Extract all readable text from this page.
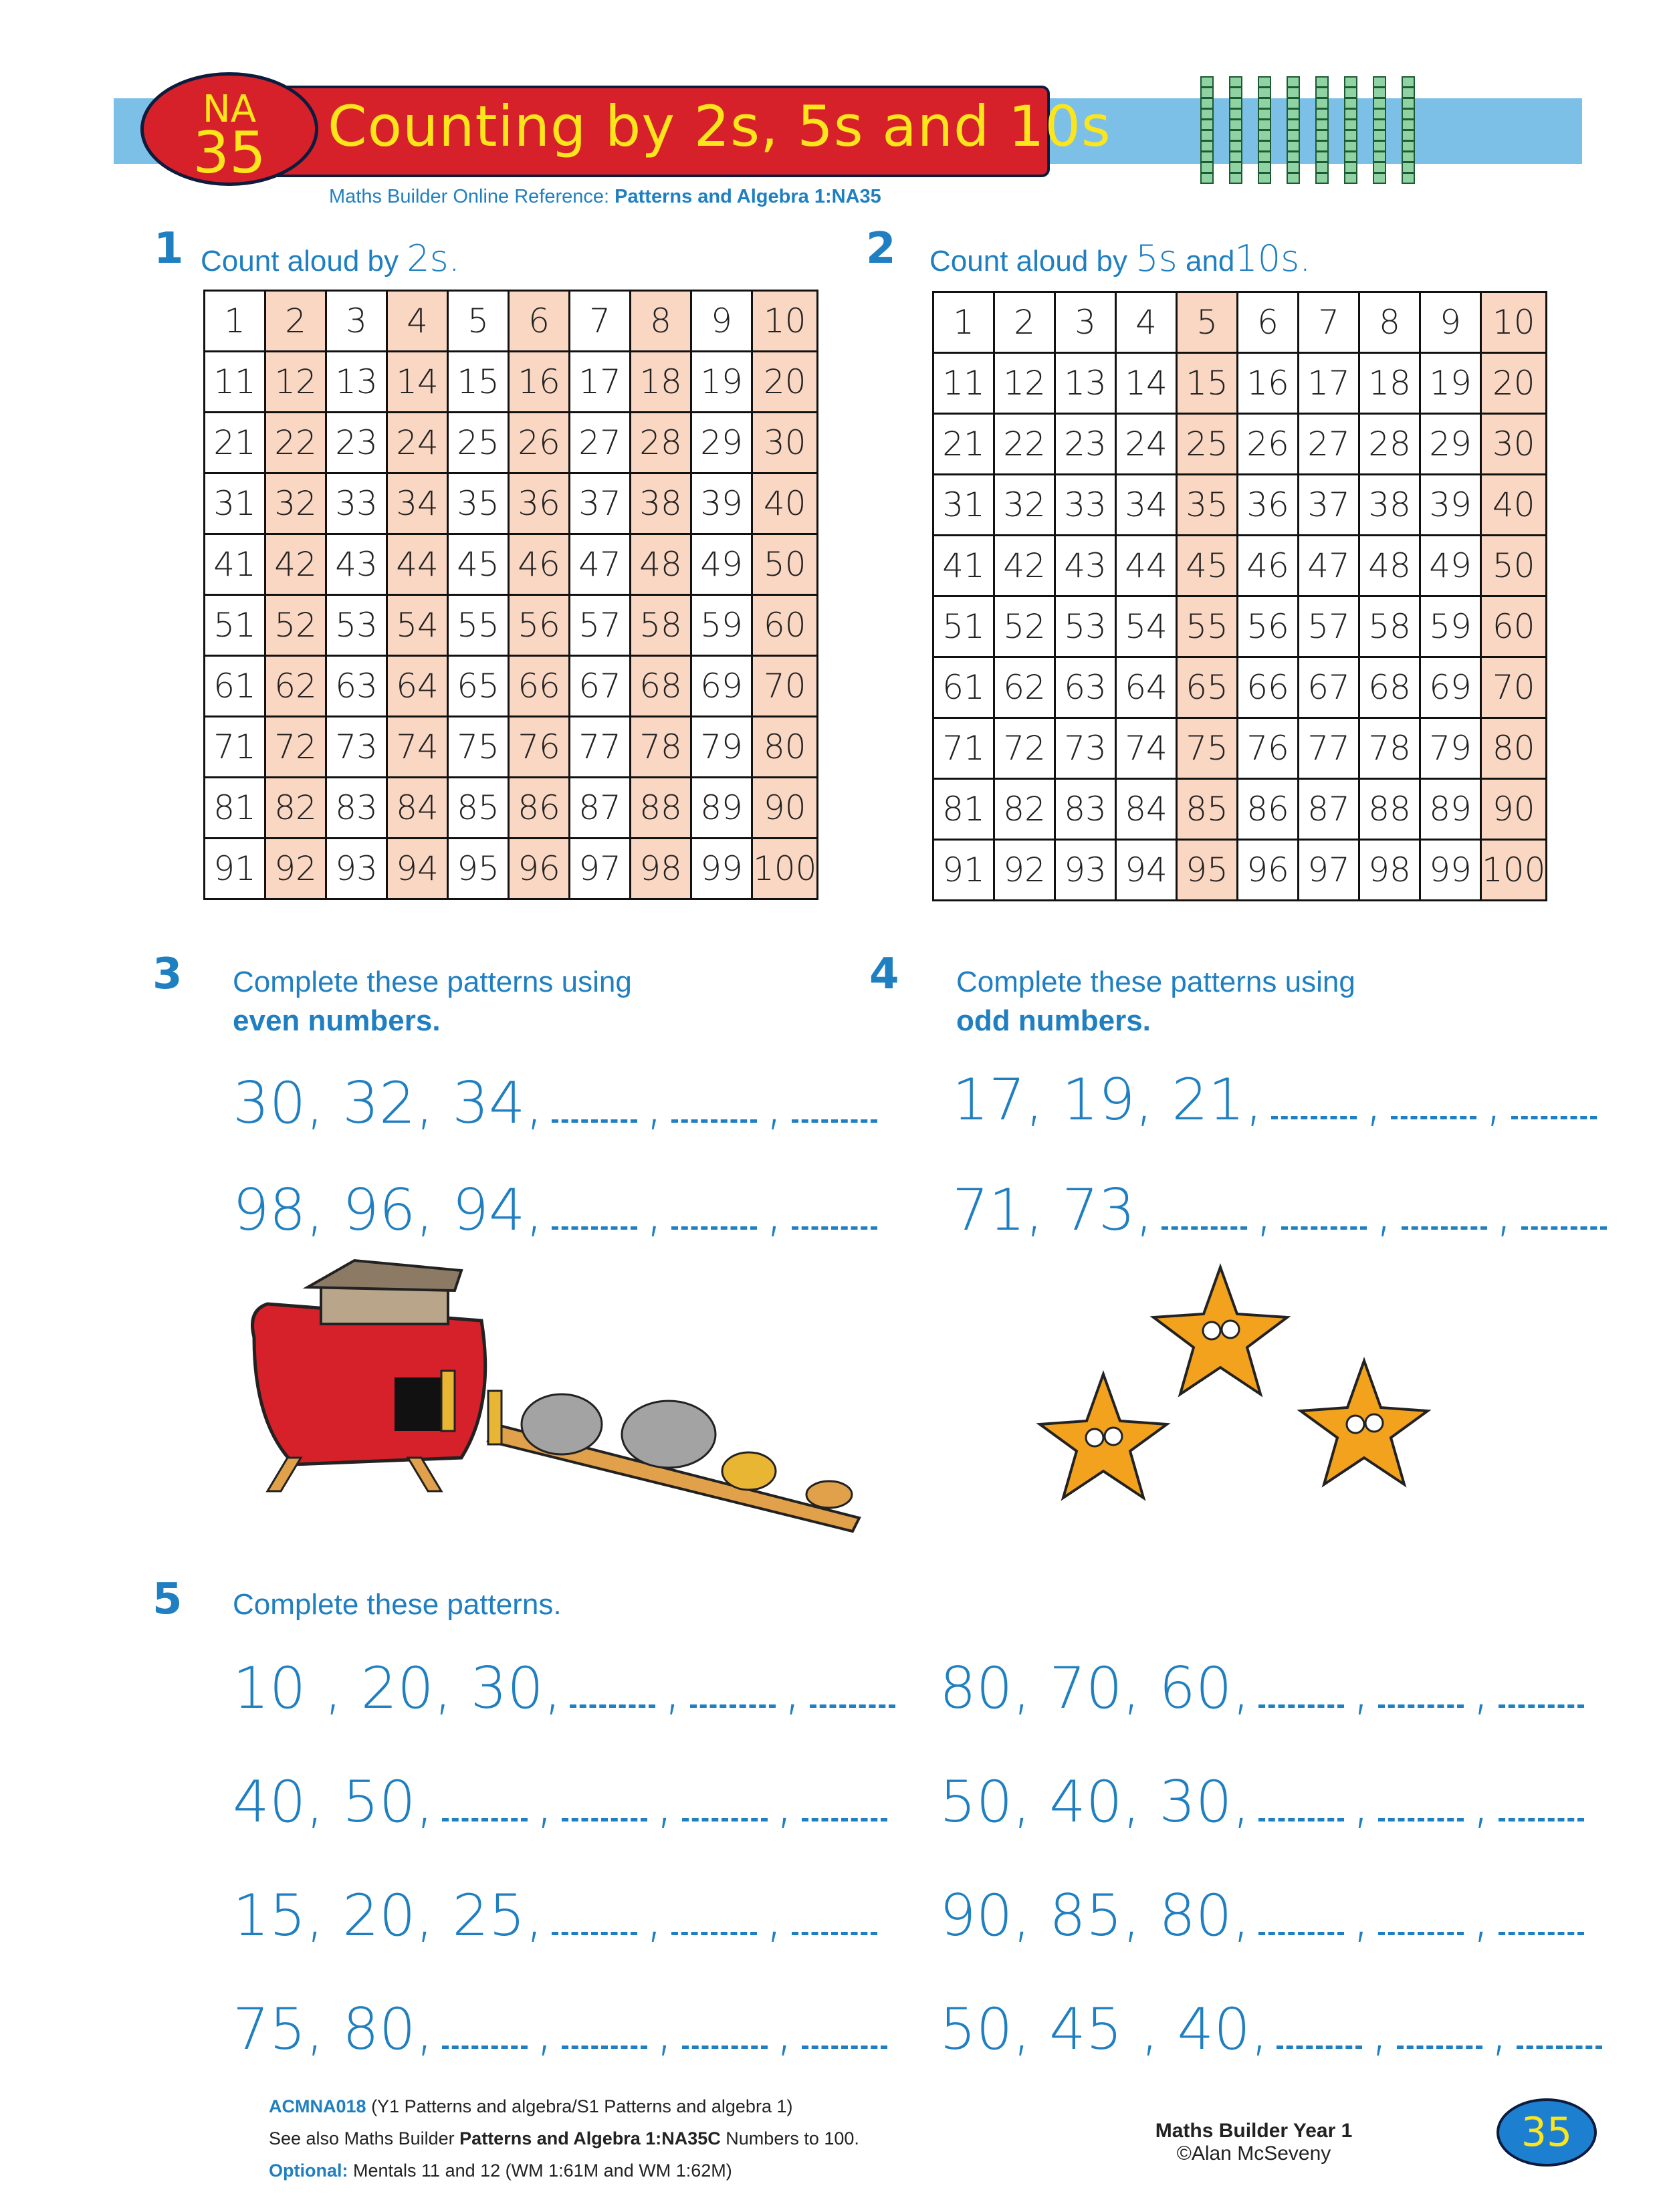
Counting by 2s, 5s and 10s
NA
35
Maths Builder Online Reference: Patterns and Algebra 1:NA35
1 Count aloud by 2s.
1	2	3	4	5	6	7	8	9	10
11	12	13	14	15	16	17	18	19	20
21	22	23	24	25	26	27	28	29	30
31	32	33	34	35	36	37	38	39	40
41	42	43	44	45	46	47	48	49	50
51	52	53	54	55	56	57	58	59	60
61	62	63	64	65	66	67	68	69	70
71	72	73	74	75	76	77	78	79	80
81	82	83	84	85	86	87	88	89	90
91	92	93	94	95	96	97	98	99	100
2 Count aloud by 5s and10s.
1	2	3	4	5	6	7	8	9	10
11	12	13	14	15	16	17	18	19	20
21	22	23	24	25	26	27	28	29	30
31	32	33	34	35	36	37	38	39	40
41	42	43	44	45	46	47	48	49	50
51	52	53	54	55	56	57	58	59	60
61	62	63	64	65	66	67	68	69	70
71	72	73	74	75	76	77	78	79	80
81	82	83	84	85	86	87	88	89	90
91	92	93	94	95	96	97	98	99	100
3 Complete these patterns using
even numbers.
30, 32, 34, , ,
98, 96, 94, , ,
4 Complete these patterns using
odd numbers.
17, 19, 21, , ,
71, 73, , , ,
5 Complete these patterns.
10 , 20, 30, , ,
40, 50, , , ,
15, 20, 25, , ,
75, 80, , , ,
80, 70, 60, , ,
50, 40, 30, , ,
90, 85, 80, , ,
50, 45 , 40, , ,
ACMNA018 (Y1 Patterns and algebra/S1 Patterns and algebra 1)
See also Maths Builder Patterns and Algebra 1:NA35C Numbers to 100.
Optional: Mentals 11 and 12 (WM 1:61M and WM 1:62M)
Maths Builder Year 1
©Alan McSeveny	35
